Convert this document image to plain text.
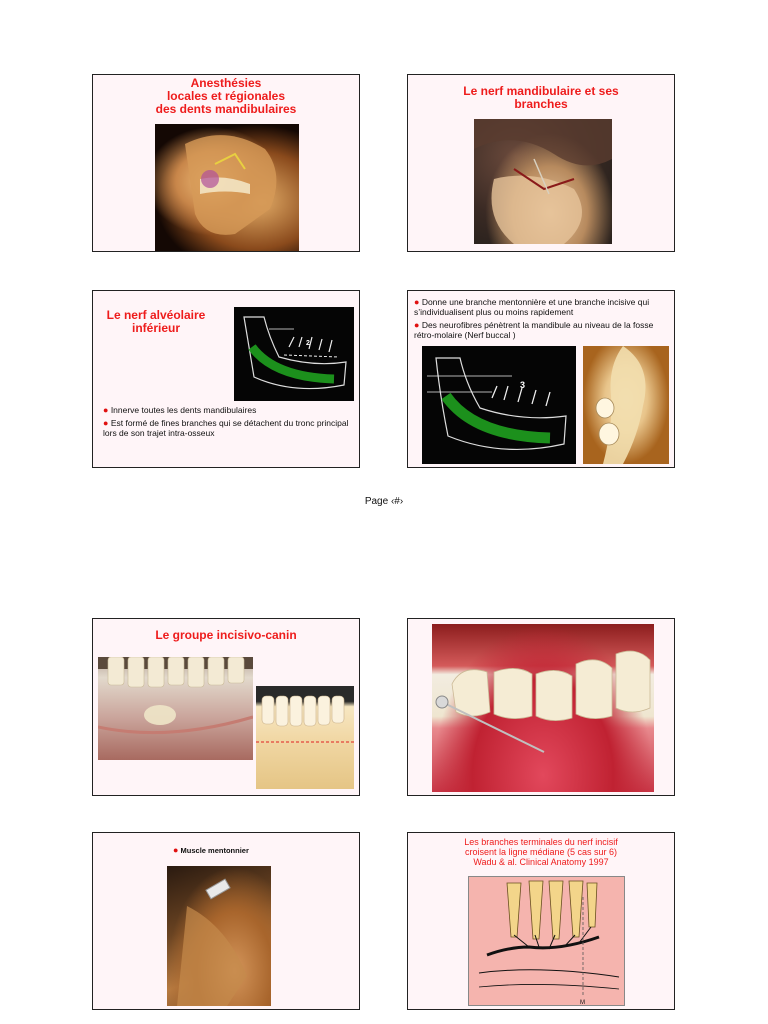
Anesthésies
locales et régionales
des dents mandibulaires
Le nerf mandibulaire et ses
branches
Le nerf alvéolaire
inférieur
2

● Innerve toutes les dents mandibulaires

● Est formé de fines branches qui se détachent du tronc principal lors de son trajet intra-osseux

● Donne une branche mentonnière et une branche incisive qui s’individualisent plus ou moins rapidement

● Des neurofibres pénètrent la mandibule au niveau de la fosse rétro-molaire (Nerf buccal )

3
Page ‹#›
Le groupe incisivo-canin
● Muscle mentonnier
Les branches terminales du nerf incisif
croisent la ligne médiane (5 cas sur 6)
Wadu & al. Clinical Anatomy 1997
M
